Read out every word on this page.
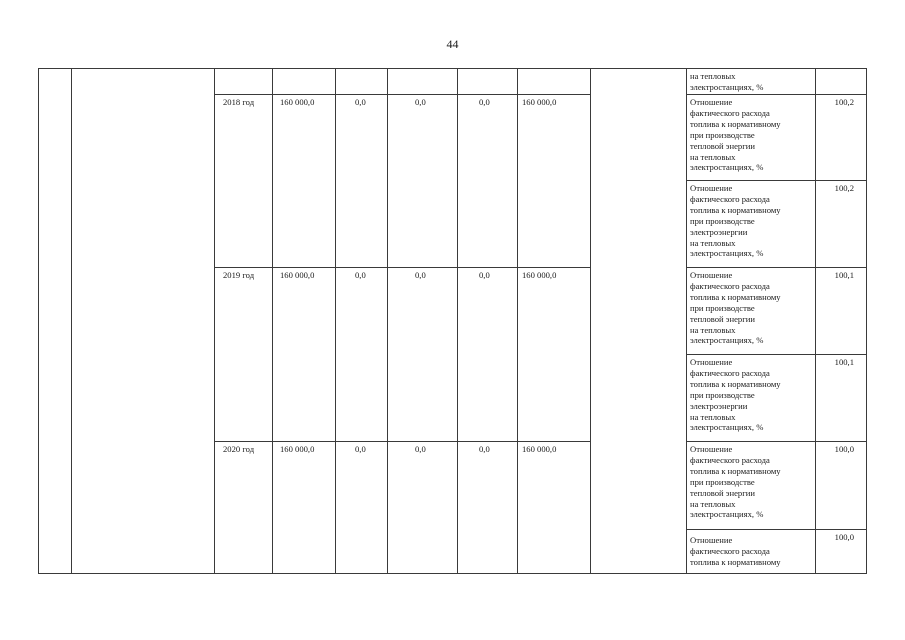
44
на тепловых
электростанциях, %
2018 год	160 000,0	0,0	0,0	0,0	160 000,0	Отношение
фактического расхода
топлива к нормативному
при производстве
тепловой энергии
на тепловых
электростанциях, %
100,2
Отношение
фактического расхода
топлива к нормативному
при производстве
электроэнергии
на тепловых
электростанциях, %
100,2
2019 год	160 000,0	0,0	0,0	0,0	160 000,0	Отношение
фактического расхода
топлива к нормативному
при производстве
тепловой энергии
на тепловых
электростанциях, %
100,1
Отношение
фактического расхода
топлива к нормативному
при производстве
электроэнергии
на тепловых
электростанциях, %
100,1
2020 год	160 000,0	0,0	0,0	0,0	160 000,0	Отношение
фактического расхода
топлива к нормативному
при производстве
тепловой энергии
на тепловых
электростанциях, %
100,0
Отношение
фактического расхода
топлива к нормативному
100,0
